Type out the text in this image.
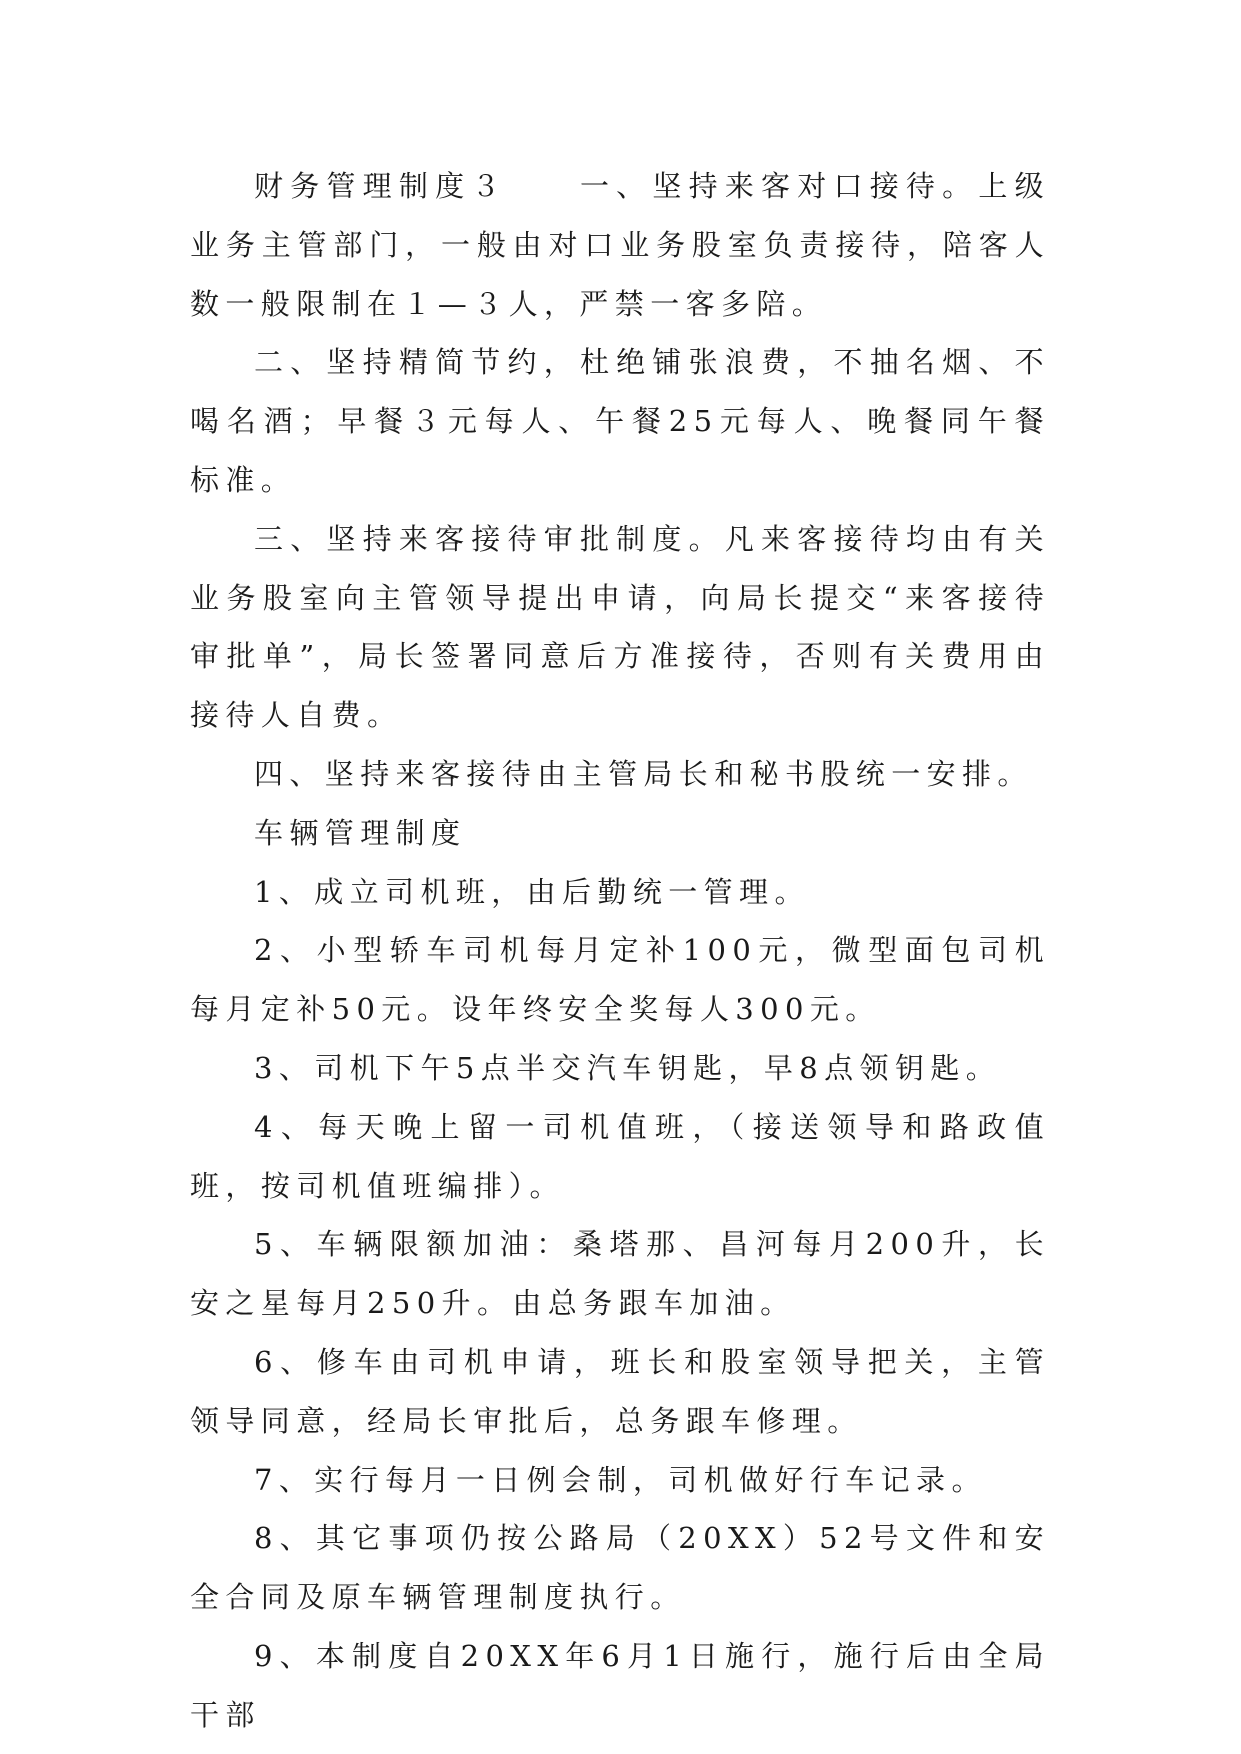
财务管理制度３　　一、坚持来客对口接待。上级业务主管部门，一般由对口业务股室负责接待，陪客人数一般限制在１—３人，严禁一客多陪。

二、坚持精简节约，杜绝铺张浪费，不抽名烟、不喝名酒；早餐３元每人、午餐25元每人、晚餐同午餐标准。

三、坚持来客接待审批制度。凡来客接待均由有关业务股室向主管领导提出申请，向局长提交“来客接待审批单”，局长签署同意后方准接待，否则有关费用由接待人自费。

四、坚持来客接待由主管局长和秘书股统一安排。

车辆管理制度

1、成立司机班，由后勤统一管理。

2、小型轿车司机每月定补100元，微型面包司机每月定补50元。设年终安全奖每人300元。

3、司机下午5点半交汽车钥匙，早8点领钥匙。

4、每天晚上留一司机值班，（接送领导和路政值班，按司机值班编排）。

5、车辆限额加油：桑塔那、昌河每月200升，长安之星每月250升。由总务跟车加油。

6、修车由司机申请，班长和股室领导把关，主管领导同意，经局长审批后，总务跟车修理。

7、实行每月一日例会制，司机做好行车记录。

8、其它事项仍按公路局（20XX）52号文件和安全合同及原车辆管理制度执行。

9、本制度自20XX年6月1日施行，施行后由全局干部
